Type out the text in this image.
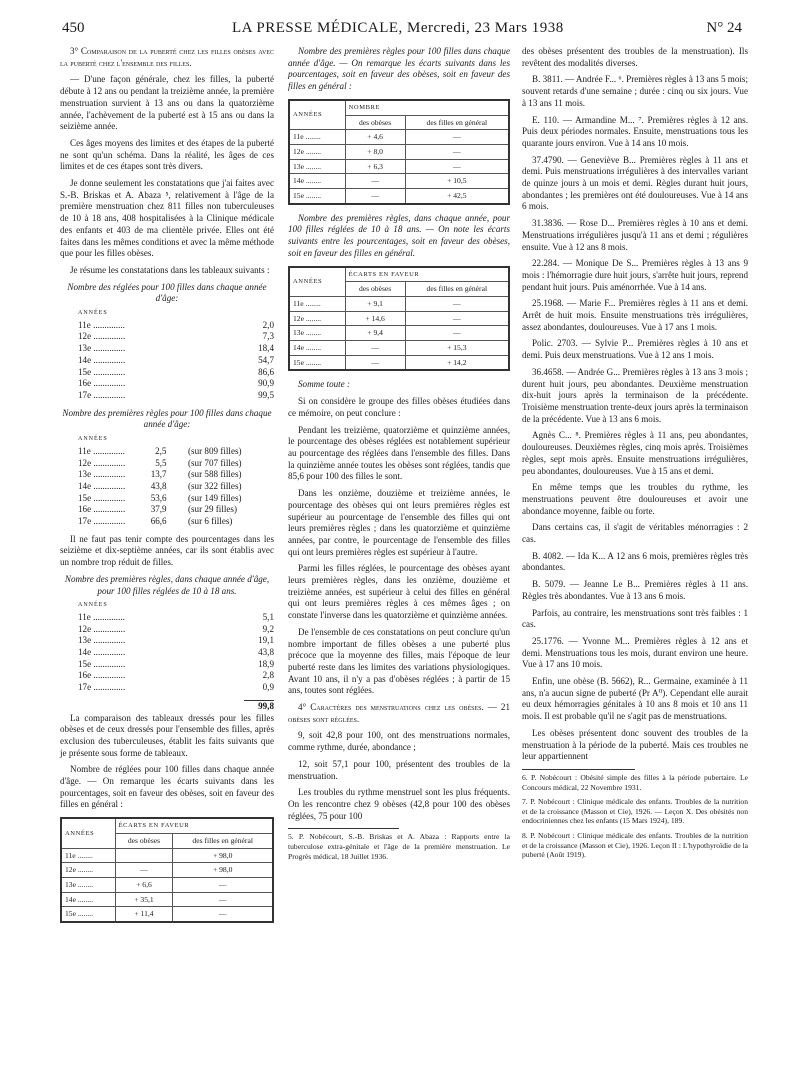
450	LA PRESSE MÉDICALE, Mercredi, 23 Mars 1938	N° 24

3° Comparaison de la puberté chez les filles obèses avec la puberté chez l'ensemble des filles.

— D'une façon générale, chez les filles, la puberté débute à 12 ans ou pendant la treizième année, la première menstruation survient à 13 ans ou dans la quatorzième année, l'achèvement de la puberté est à 15 ans ou dans la seizième année.

Ces âges moyens des limites et des étapes de la puberté ne sont qu'un schéma. Dans la réalité, les âges de ces limites et de ces étapes sont très divers.

Je donne seulement les constatations que j'ai faites avec S.-B. Briskas et A. Abaza ⁵, relativement à l'âge de la première menstruation chez 811 filles non tuberculeuses de 10 à 18 ans, 408 hospitalisées à la Clinique médicale des enfants et 403 de ma clientèle privée. Elles ont été faites dans les mêmes conditions et avec la même méthode que pour les filles obèses.

Je résume les constatations dans les tableaux suivants :

Nombre des réglées pour 100 filles dans chaque année d'âge:
ANNÉES
11e ..............	2,0
12e ..............	7,3
13e ..............	18,4
14e ..............	54,7
15e ..............	86,6
16e ..............	90,9
17e ..............	99,5
Nombre des premières règles pour 100 filles dans chaque année d'âge:
ANNÉES
11e ..............	2,5 (sur 809 filles)
12e ..............	5,5 (sur 707 filles)
13e ..............	13,7 (sur 588 filles)
14e ..............	43,8 (sur 322 filles)
15e ..............	53,6 (sur 149 filles)
16e ..............	37,9 (sur 29 filles)
17e ..............	66,6 (sur 6 filles)

Il ne faut pas tenir compte des pourcentages dans les seizième et dix-septième années, car ils sont établis avec un nombre trop réduit de filles.

Nombre des premières règles, dans chaque année d'âge, pour 100 filles réglées de 10 à 18 ans.
ANNÉES
11e ..............	5,1
12e ..............	9,2
13e ..............	19,1
14e ..............	43,8
15e ..............	18,9
16e ..............	2,8
17e ..............	0,9
99,8

La comparaison des tableaux dressés pour les filles obèses et de ceux dressés pour l'ensemble des filles, après exclusion des tuberculeuses, établit les faits suivants que je présente sous forme de tableaux.

Nombre de réglées pour 100 filles dans chaque année d'âge. — On remarque les écarts suivants dans les pourcentages, soit en faveur des obèses, soit en faveur des filles en général :

ANNÉES	ÉCARTS EN FAVEUR	
	des obèses	des filles en général
11e ........		+ 98,0
12e ........	—	+ 98,0
13e ........	+ 6,6	—
14e ........	+ 35,1	—
15e ........	+ 11,4	—

Nombre des premières règles pour 100 filles dans chaque année d'âge. — On remarque les écarts suivants dans les pourcentages, soit en faveur des obèses, soit en faveur des filles en général :

ANNÉES	NOMBRE	
	des obèses	des filles en général
11e ........	+ 4,6	—
12e ........	+ 8,0	—
13e ........	+ 6,3	—
14e ........	—	+ 10,5
15e ........	—	+ 42,5

Nombre des premières règles, dans chaque année, pour 100 filles réglées de 10 à 18 ans. — On note les écarts suivants entre les pourcentages, soit en faveur des obèses, soit en faveur des filles en général.

ANNÉES	ÉCARTS EN FAVEUR	
	des obèses	des filles en général
11e ........	+ 9,1	—
12e ........	+ 14,6	—
13e ........	+ 9,4	—
14e ........	—	+ 15,3
15e ........	—	+ 14,2

Somme toute :

Si on considère le groupe des filles obèses étudiées dans ce mémoire, on peut conclure :

Pendant les treizième, quatorzième et quinzième années, le pourcentage des obèses réglées est notablement supérieur au pourcentage des réglées dans l'ensemble des filles. Dans la quinzième année toutes les obèses sont réglées, tandis que 85,6 pour 100 des filles le sont.

Dans les onzième, douzième et treizième années, le pourcentage des obèses qui ont leurs premières règles est supérieur au pourcentage de l'ensemble des filles qui ont leurs premières règles ; dans les quatorzième et quinzième années, par contre, le pourcentage de l'ensemble des filles qui ont leurs premières règles est supérieur à l'autre.

Parmi les filles réglées, le pourcentage des obèses ayant leurs premières règles, dans les onzième, douzième et treizième années, est supérieur à celui des filles en général qui ont leurs premières règles à ces mêmes âges ; on constate l'inverse dans les quatorzième et quinzième années.

De l'ensemble de ces constatations on peut conclure qu'un nombre important de filles obèses a une puberté plus précoce que la moyenne des filles, mais l'époque de leur puberté reste dans les limites des variations physiologiques. Avant 10 ans, il n'y a pas d'obèses réglées ; à partir de 15 ans, toutes sont réglées.

4° Caractères des menstruations chez les obèses. — 21 obèses sont réglées.

9, soit 42,8 pour 100, ont des menstruations normales, comme rythme, durée, abondance ;

12, soit 57,1 pour 100, présentent des troubles de la menstruation.

Les troubles du rythme menstruel sont les plus fréquents. On les rencontre chez 9 obèses (42,8 pour 100 des obèses réglées, 75 pour 100

5. P. Nobécourt, S.-B. Briskas et A. Abaza : Rapports entre la tuberculose extra-génitale et l'âge de la première menstruation. Le Progrès médical, 18 Juillet 1936.

des obèses présentent des troubles de la menstruation). Ils revêtent des modalités diverses.

B. 3811. — Andrée F... ⁶. Premières règles à 13 ans 5 mois; souvent retards d'une semaine ; durée : cinq ou six jours. Vue à 13 ans 11 mois.

E. 110. — Armandine M... ⁷. Premières règles à 12 ans. Puis deux périodes normales. Ensuite, menstruations tous les quarante jours environ. Vue à 14 ans 10 mois.

37.4790. — Geneviève B... Premières règles à 11 ans et demi. Puis menstruations irrégulières à des intervalles variant de quinze jours à un mois et demi. Règles durant huit jours, abondantes ; les premières ont été douloureuses. Vue à 14 ans 6 mois.

31.3836. — Rose D... Premières règles à 10 ans et demi. Menstruations irrégulières jusqu'à 11 ans et demi ; régulières ensuite. Vue à 12 ans 8 mois.

22.284. — Monique De S... Premières règles à 13 ans 9 mois : l'hémorragie dure huit jours, s'arrête huit jours, reprend pendant huit jours. Puis aménorrhée. Vue à 14 ans.

25.1968. — Marie F... Premières règles à 11 ans et demi. Arrêt de huit mois. Ensuite menstruations très irrégulières, assez abondantes, douloureuses. Vue à 17 ans 1 mois.

Polic. 2703. — Sylvie P... Premières règles à 10 ans et demi. Puis deux menstruations. Vue à 12 ans 1 mois.

36.4658. — Andrée G... Premières règles à 13 ans 3 mois ; durent huit jours, peu abondantes. Deuxième menstruation dix-huit jours après la terminaison de la précédente. Troisième menstruation trente-deux jours après la terminaison de la précédente. Vue à 13 ans 6 mois.

Agnès C... ⁸. Premières règles à 11 ans, peu abondantes, douloureuses. Deuxièmes règles, cinq mois après. Troisièmes règles, sept mois après. Ensuite menstruations irrégulières, peu abondantes, douloureuses. Vue à 15 ans et demi.

En même temps que les troubles du rythme, les menstruations peuvent être douloureuses et avoir une abondance moyenne, faible ou forte.

Dans certains cas, il s'agit de véritables ménorragies : 2 cas.

B. 4082. — Ida K... A 12 ans 6 mois, premières règles très abondantes.

B. 5079. — Jeanne Le B... Premières règles à 11 ans. Règles très abondantes. Vue à 13 ans 6 mois.

Parfois, au contraire, les menstruations sont très faibles : 1 cas.

25.1776. — Yvonne M... Premières règles à 12 ans et demi. Menstruations tous les mois, durant environ une heure. Vue à 17 ans 10 mois.

Enfin, une obèse (B. 5662), R... Germaine, examinée à 11 ans, n'a aucun signe de puberté (Pr A⁰). Cependant elle aurait eu deux hémorragies génitales à 10 ans 8 mois et 10 ans 11 mois. Il est probable qu'il ne s'agit pas de menstruations.

Les obèses présentent donc souvent des troubles de la menstruation à la période de la puberté. Mais ces troubles ne leur appartiennent

6. P. Nobécourt : Obésité simple des filles à la période pubertaire. Le Concours médical, 22 Novembre 1931.

7. P. Nobécourt : Clinique médicale des enfants. Troubles de la nutrition et de la croissance (Masson et Cie), 1926. — Leçon X. Des obésités non endocriniennes chez les enfants (15 Mars 1924), 189.

8. P. Nobécourt : Clinique médicale des enfants. Troubles de la nutrition et de la croissance (Masson et Cie), 1926. Leçon II : L'hypothyroïdie de la puberté (Août 1919).
